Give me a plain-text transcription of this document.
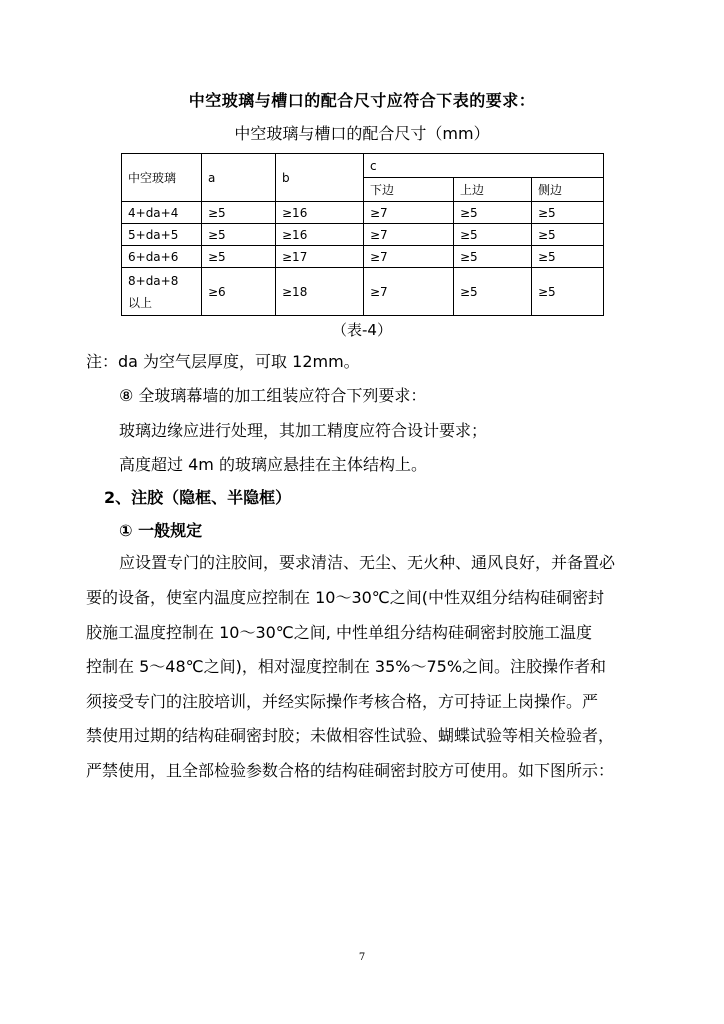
中空玻璃与槽口的配合尺寸应符合下表的要求：
中空玻璃与槽口的配合尺寸（mm）
中空玻璃	a	b	c		
			下边	上边	侧边
4+da+4	≥5	≥16	≥7	≥5	≥5
5+da+5	≥5	≥16	≥7	≥5	≥5
6+da+6	≥5	≥17	≥7	≥5	≥5

8+da+8
以上	≥6	≥18	≥7	≥5	≥5
（表-4）
注：da 为空气层厚度，可取 12mm。
⑧ 全玻璃幕墙的加工组装应符合下列要求：
玻璃边缘应进行处理，其加工精度应符合设计要求；
高度超过 4m 的玻璃应悬挂在主体结构上。
2、注胶（隐框、半隐框）
① 一般规定
应设置专门的注胶间，要求清洁、无尘、无火种、通风良好，并备置必
要的设备，使室内温度应控制在 10～30℃之间(中性双组分结构硅硐密封
胶施工温度控制在 10～30℃之间, 中性单组分结构硅硐密封胶施工温度
控制在 5～48℃之间)，相对湿度控制在 35%～75%之间。注胶操作者和
须接受专门的注胶培训，并经实际操作考核合格，方可持证上岗操作。严
禁使用过期的结构硅硐密封胶；未做相容性试验、蝴蝶试验等相关检验者，
严禁使用，且全部检验参数合格的结构硅硐密封胶方可使用。如下图所示：
7
